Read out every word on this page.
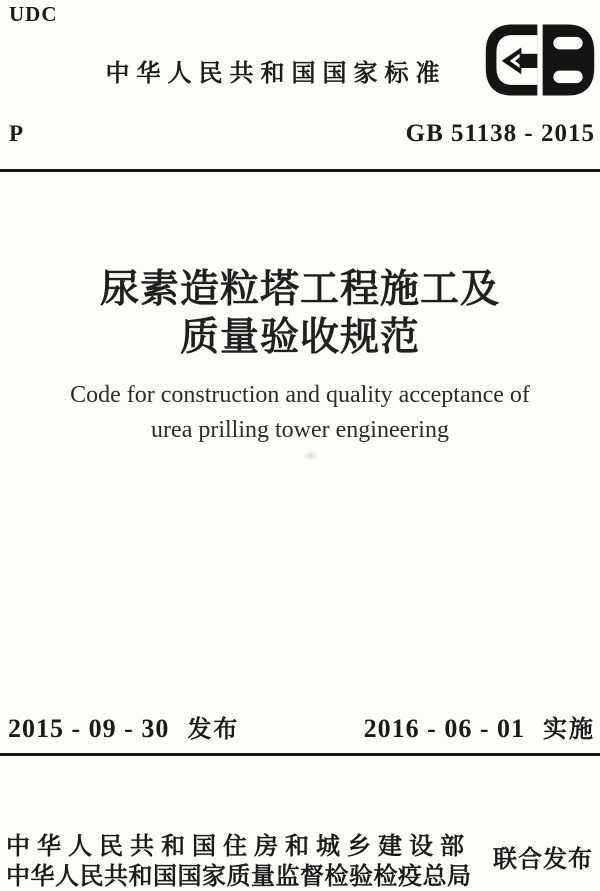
UDC
中华人民共和国国家标准
P	GB 51138 - 2015
尿素造粒塔工程施工及
质量验收规范
Code for construction and quality acceptance of
urea prilling tower engineering
2015 - 09 - 30 发布	2016 - 06 - 01 实施
中华人民共和国住房和城乡建设部
中华人民共和国国家质量监督检验检疫总局
联合发布
